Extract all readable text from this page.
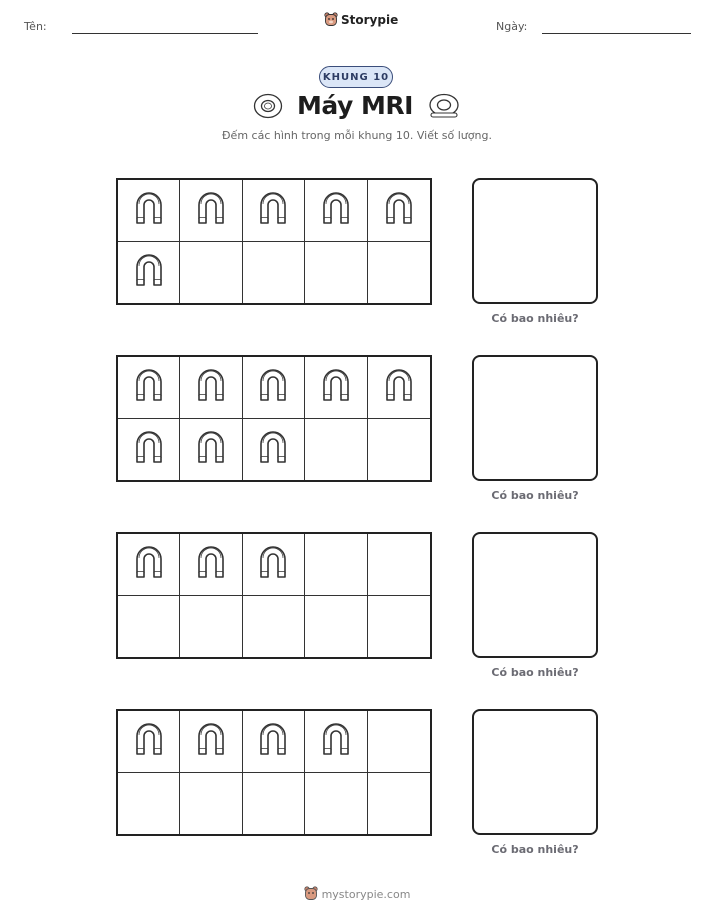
Tên:	Storypie	Ngày:
KHUNG 10
Máy MRI
Đếm các hình trong mỗi khung 10. Viết số lượng.
Có bao nhiêu?
Có bao nhiêu?
Có bao nhiêu?
Có bao nhiêu?
mystorypie.com
